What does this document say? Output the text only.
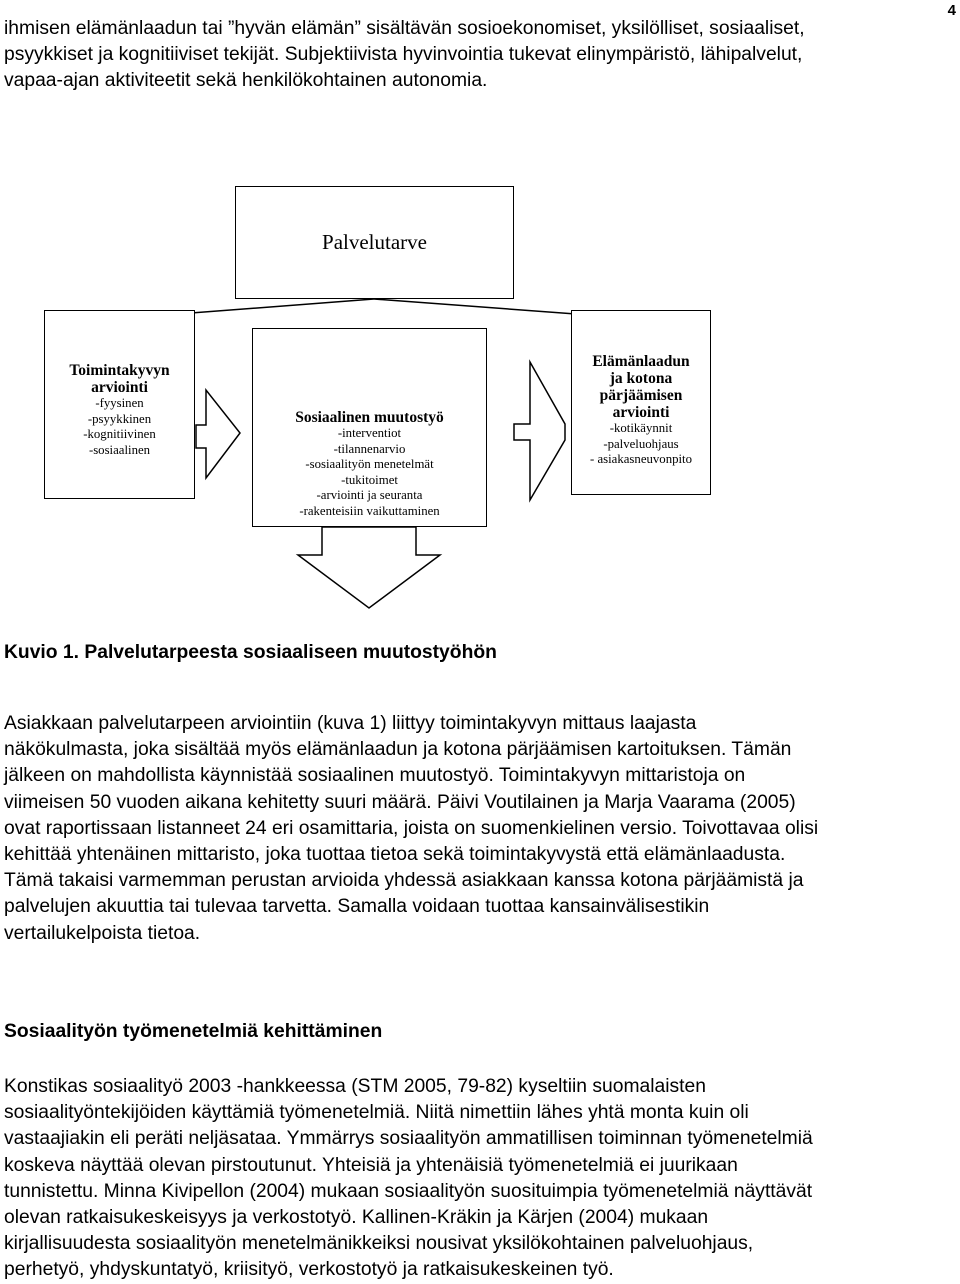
4
ihmisen elämänlaadun tai ”hyvän elämän” sisältävän sosioekonomiset, yksilölliset, sosiaaliset,
psyykkiset ja kognitiiviset tekijät. Subjektiivista hyvinvointia tukevat elinympäristö, lähipalvelut,
vapaa-ajan aktiviteetit sekä henkilökohtainen autonomia.
Palvelutarve
Toimintakyvyn
arviointi
-fyysinen
-psyykkinen
-kognitiivinen
-sosiaalinen
Sosiaalinen muutostyö
-interventiot
-tilannenarvio
-sosiaalityön menetelmät
-tukitoimet
-arviointi ja seuranta
-rakenteisiin vaikuttaminen
Elämänlaadun
ja kotona
pärjäämisen
arviointi
-kotikäynnit
-palveluohjaus
- asiakasneuvonpito
Kuvio 1. Palvelutarpeesta sosiaaliseen muutostyöhön
Asiakkaan palvelutarpeen arviointiin (kuva 1) liittyy toimintakyvyn mittaus laajasta
näkökulmasta, joka sisältää myös elämänlaadun ja kotona pärjäämisen kartoituksen. Tämän
jälkeen on mahdollista käynnistää sosiaalinen muutostyö. Toimintakyvyn mittaristoja on
viimeisen 50 vuoden aikana kehitetty suuri määrä. Päivi Voutilainen ja Marja Vaarama (2005)
ovat raportissaan listanneet 24 eri osamittaria, joista on suomenkielinen versio. Toivottavaa olisi
kehittää yhtenäinen mittaristo, joka tuottaa tietoa sekä toimintakyvystä että elämänlaadusta.
Tämä takaisi varmemman perustan arvioida yhdessä asiakkaan kanssa kotona pärjäämistä ja
palvelujen akuuttia tai tulevaa tarvetta. Samalla voidaan tuottaa kansainvälisestikin
vertailukelpoista tietoa.
Sosiaalityön työmenetelmiä kehittäminen
Konstikas sosiaalityö 2003 -hankkeessa (STM 2005, 79-82) kyseltiin suomalaisten
sosiaalityöntekijöiden käyttämiä työmenetelmiä. Niitä nimettiin lähes yhtä monta kuin oli
vastaajiakin eli peräti neljäsataa. Ymmärrys sosiaalityön ammatillisen toiminnan työmenetelmiä
koskeva näyttää olevan pirstoutunut. Yhteisiä ja yhtenäisiä työmenetelmiä ei juurikaan
tunnistettu. Minna Kivipellon (2004) mukaan sosiaalityön suosituimpia työmenetelmiä näyttävät
olevan ratkaisukeskeisyys ja verkostotyö. Kallinen-Kräkin ja Kärjen (2004) mukaan
kirjallisuudesta sosiaalityön menetelmänikkeiksi nousivat yksilökohtainen palveluohjaus,
perhetyö, yhdyskuntatyö, kriisityö, verkostotyö ja ratkaisukeskeinen työ.
